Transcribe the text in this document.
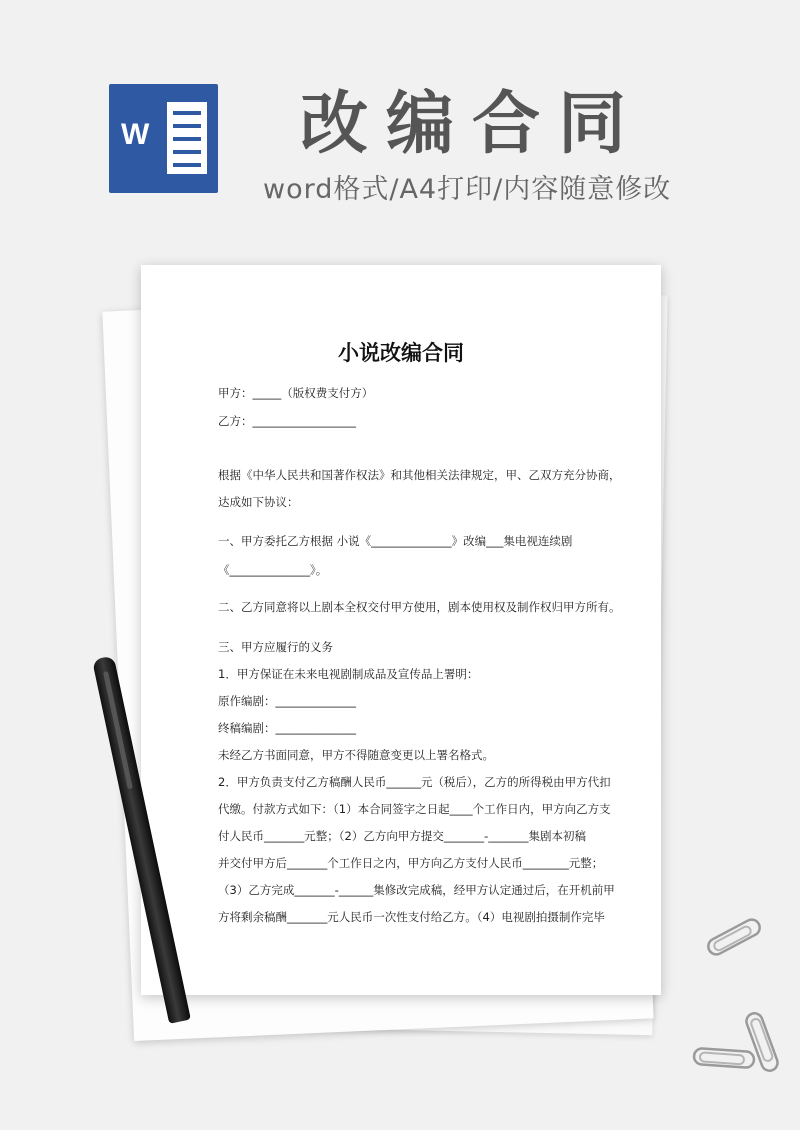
W 改编合同
word格式/A4打印/内容随意修改
小说改编合同
甲方：_____（版权费支付方）
乙方：__________________
根据《中华人民共和国著作权法》和其他相关法律规定，甲、乙双方充分协商，
达成如下协议：
一、甲方委托乙方根据 小说《______________》改编___集电视连续剧
《______________》。
二、乙方同意将以上剧本全权交付甲方使用，剧本使用权及制作权归甲方所有。
三、甲方应履行的义务
1．甲方保证在未来电视剧制成品及宣传品上署明：
原作编剧：______________
终稿编剧：______________
未经乙方书面同意，甲方不得随意变更以上署名格式。
2．甲方负责支付乙方稿酬人民币______元（税后），乙方的所得税由甲方代扣
代缴。付款方式如下：（1）本合同签字之日起____个工作日内，甲方向乙方支
付人民币_______元整；（2）乙方向甲方提交_______-_______集剧本初稿
并交付甲方后_______个工作日之内，甲方向乙方支付人民币________元整；
（3）乙方完成_______-______集修改完成稿，经甲方认定通过后，在开机前甲
方将剩余稿酬_______元人民币一次性支付给乙方。（4）电视剧拍摄制作完毕
